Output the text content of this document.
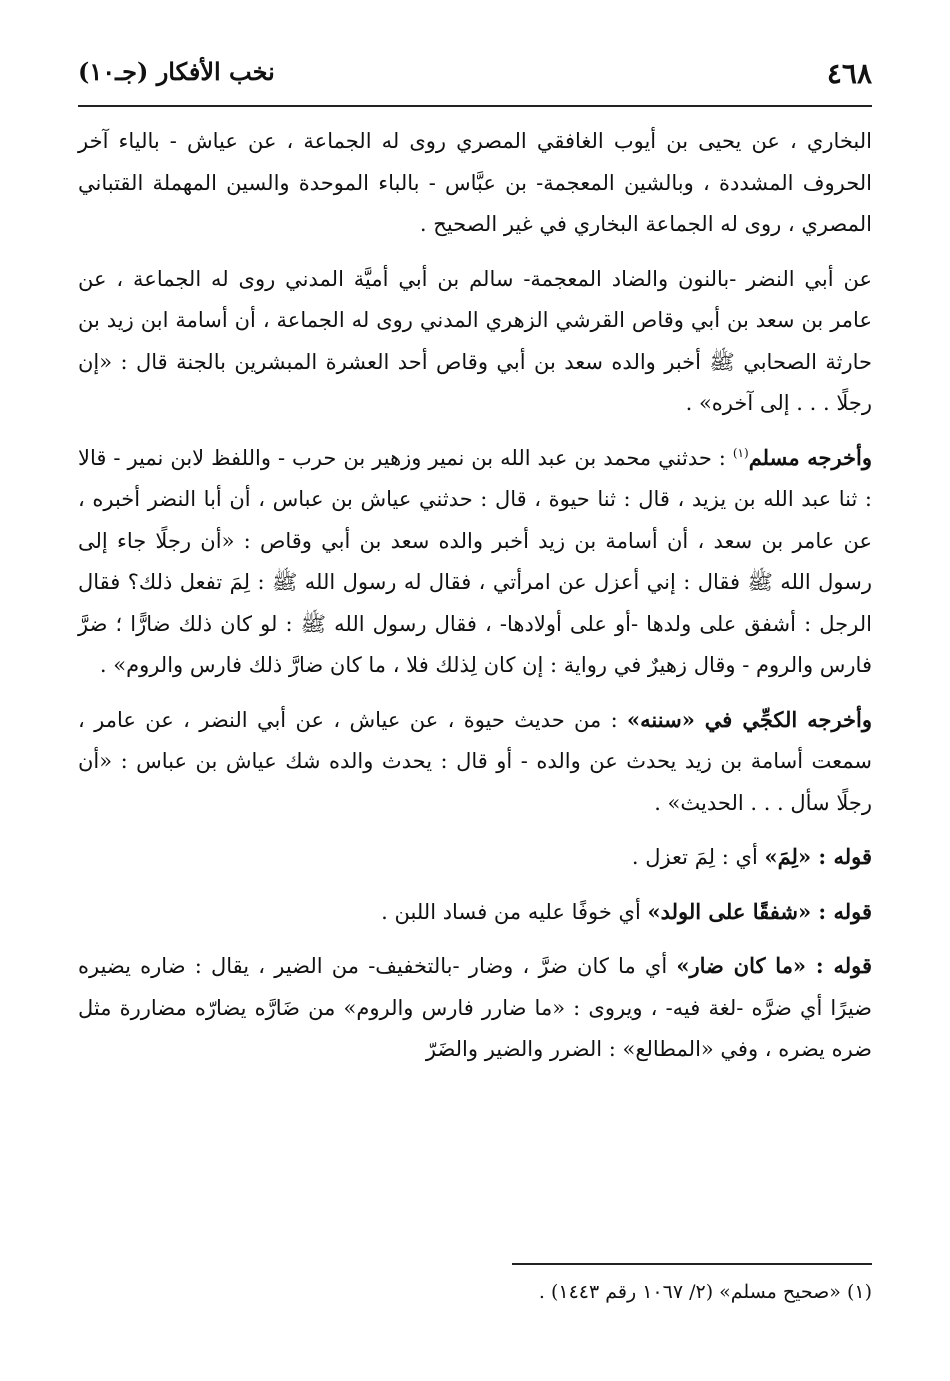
٤٦٨
نخب الأفكار (جـ١٠)

البخاري ، عن يحيى بن أيوب الغافقي المصري روى له الجماعة ، عن عياش - بالياء آخر الحروف المشددة ، وبالشين المعجمة- بن عبَّاس - بالباء الموحدة والسين المهملة القتباني المصري ، روى له الجماعة البخاري في غير الصحيح .

عن أبي النضر -بالنون والضاد المعجمة- سالم بن أبي أميَّة المدني روى له الجماعة ، عن عامر بن سعد بن أبي وقاص القرشي الزهري المدني روى له الجماعة ، أن أسامة ابن زيد بن حارثة الصحابي ﷺ أخبر والده سعد بن أبي وقاص أحد العشرة المبشرين بالجنة قال : «إن رجلًا . . . إلى آخره» .

وأخرجه مسلم$^{(١)}$ : حدثني محمد بن عبد الله بن نمير وزهير بن حرب - واللفظ لابن نمير - قالا : ثنا عبد الله بن يزيد ، قال : ثنا حيوة ، قال : حدثني عياش بن عباس ، أن أبا النضر أخبره ، عن عامر بن سعد ، أن أسامة بن زيد أخبر والده سعد بن أبي وقاص : «أن رجلًا جاء إلى رسول الله ﷺ فقال : إني أعزل عن امرأتي ، فقال له رسول الله ﷺ : لِمَ تفعل ذلك؟ فقال الرجل : أشفق على ولدها -أو على أولادها- ، فقال رسول الله ﷺ : لو كان ذلك ضارًّا ؛ ضرَّ فارس والروم - وقال زهيرٌ في رواية : إن كان لِذلك فلا ، ما كان ضارَّ ذلك فارس والروم» .

وأخرجه الكجِّي في «سننه» : من حديث حيوة ، عن عياش ، عن أبي النضر ، عن عامر ، سمعت أسامة بن زيد يحدث عن والده - أو قال : يحدث والده شك عياش بن عباس : «أن رجلًا سأل . . . الحديث» .

قوله : «لِمَ» أي : لِمَ تعزل .

قوله : «شفقًا على الولد» أي خوفًا عليه من فساد اللبن .

قوله : «ما كان ضار» أي ما كان ضرَّ ، وضار -بالتخفيف- من الضير ، يقال : ضاره يضيره ضيرًا أي ضرَّه -لغة فيه- ، ويروى : «ما ضارر فارس والروم» من ضَارَّه يضارّه مضاررة مثل ضره يضره ، وفي «المطالع» : الضرر والضير والضَرّ

(١) «صحيح مسلم» (٢/ ١٠٦٧ رقم ١٤٤٣) .
